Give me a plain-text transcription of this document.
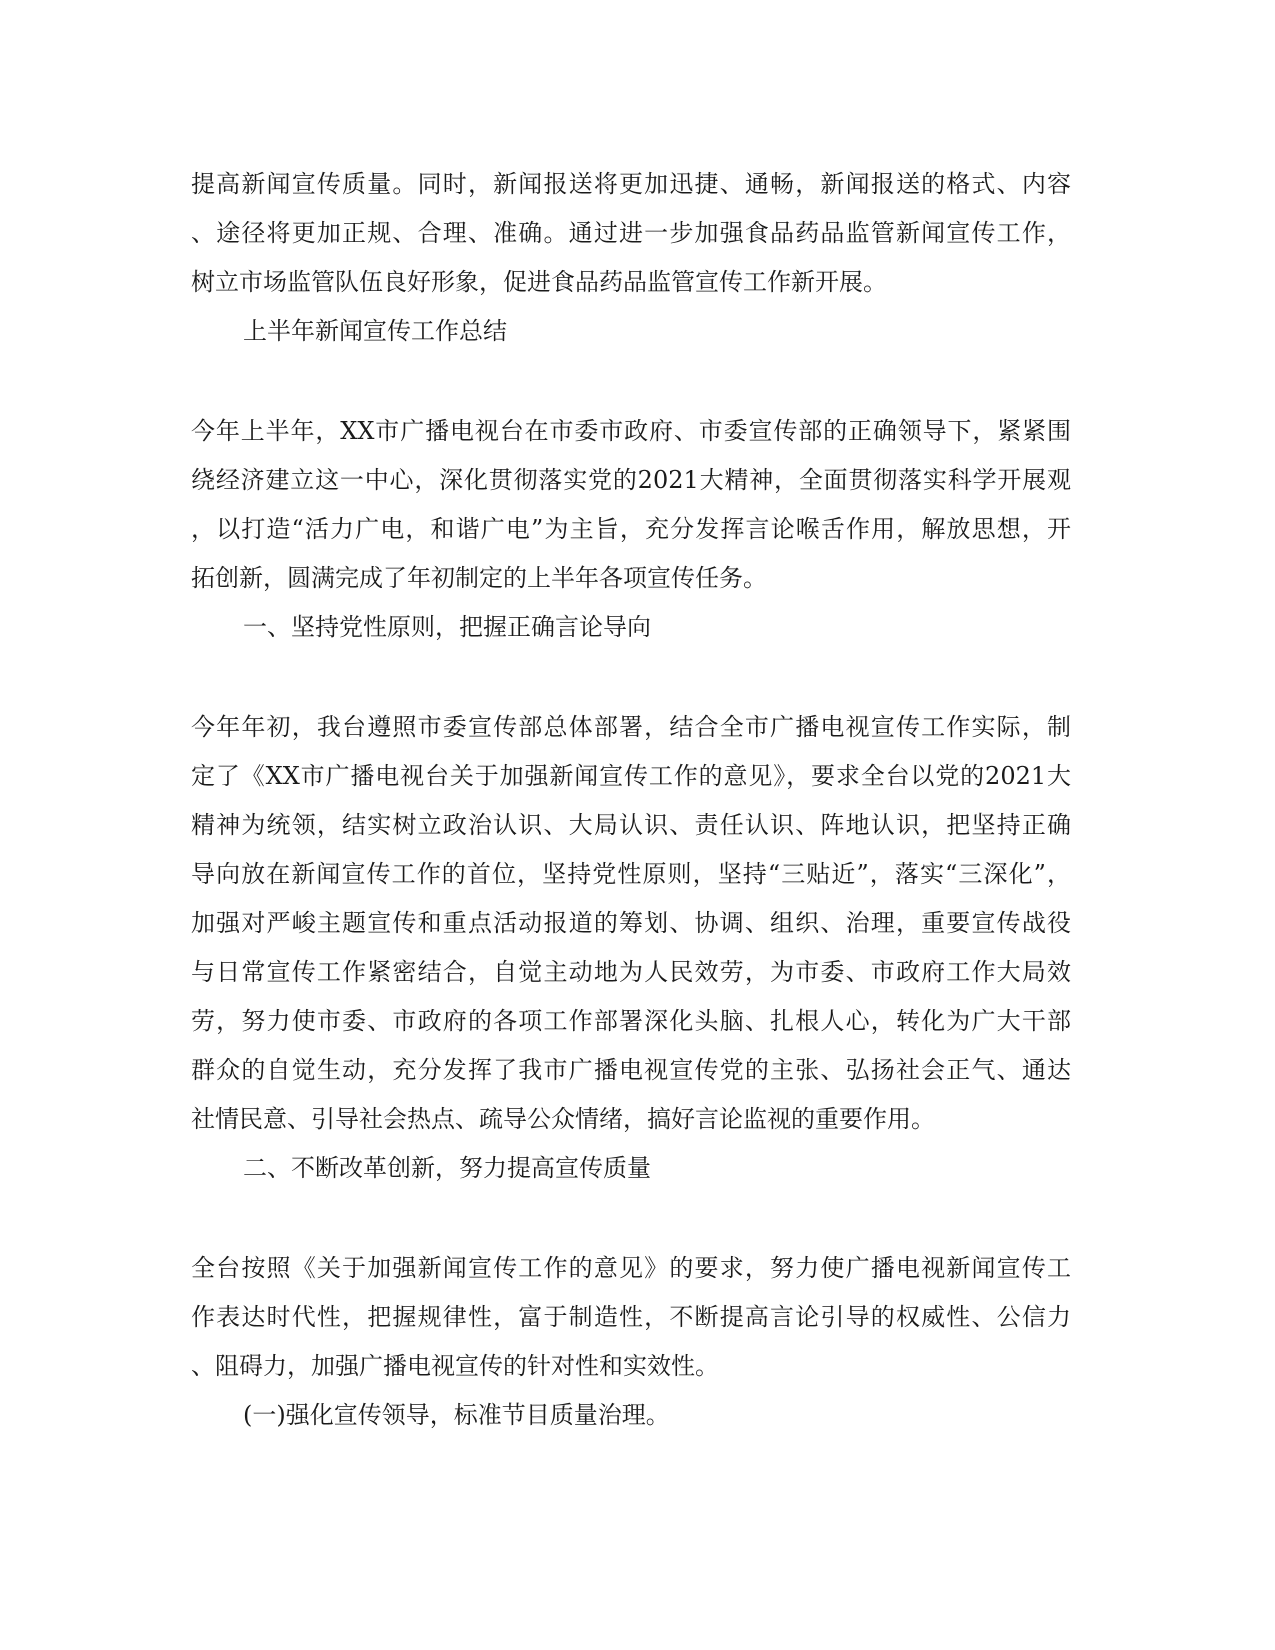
提高新闻宣传质量。同时，新闻报送将更加迅捷、通畅，新闻报送的格式、内容
、途径将更加正规、合理、准确。通过进一步加强食品药品监管新闻宣传工作，
树立市场监管队伍良好形象，促进食品药品监管宣传工作新开展。
上半年新闻宣传工作总结
今年上半年，XX市广播电视台在市委市政府、市委宣传部的正确领导下，紧紧围
绕经济建立这一中心，深化贯彻落实党的2021大精神，全面贯彻落实科学开展观
，以打造“活力广电，和谐广电”为主旨，充分发挥言论喉舌作用，解放思想，开
拓创新，圆满完成了年初制定的上半年各项宣传任务。
一、坚持党性原则，把握正确言论导向
今年年初，我台遵照市委宣传部总体部署，结合全市广播电视宣传工作实际，制
定了《XX市广播电视台关于加强新闻宣传工作的意见》，要求全台以党的2021大
精神为统领，结实树立政治认识、大局认识、责任认识、阵地认识，把坚持正确
导向放在新闻宣传工作的首位，坚持党性原则，坚持“三贴近”，落实“三深化”，
加强对严峻主题宣传和重点活动报道的筹划、协调、组织、治理，重要宣传战役
与日常宣传工作紧密结合，自觉主动地为人民效劳，为市委、市政府工作大局效
劳，努力使市委、市政府的各项工作部署深化头脑、扎根人心，转化为广大干部
群众的自觉生动，充分发挥了我市广播电视宣传党的主张、弘扬社会正气、通达
社情民意、引导社会热点、疏导公众情绪，搞好言论监视的重要作用。
二、不断改革创新，努力提高宣传质量
全台按照《关于加强新闻宣传工作的意见》的要求，努力使广播电视新闻宣传工
作表达时代性，把握规律性，富于制造性，不断提高言论引导的权威性、公信力
、阻碍力，加强广播电视宣传的针对性和实效性。
(一)强化宣传领导，标准节目质量治理。
